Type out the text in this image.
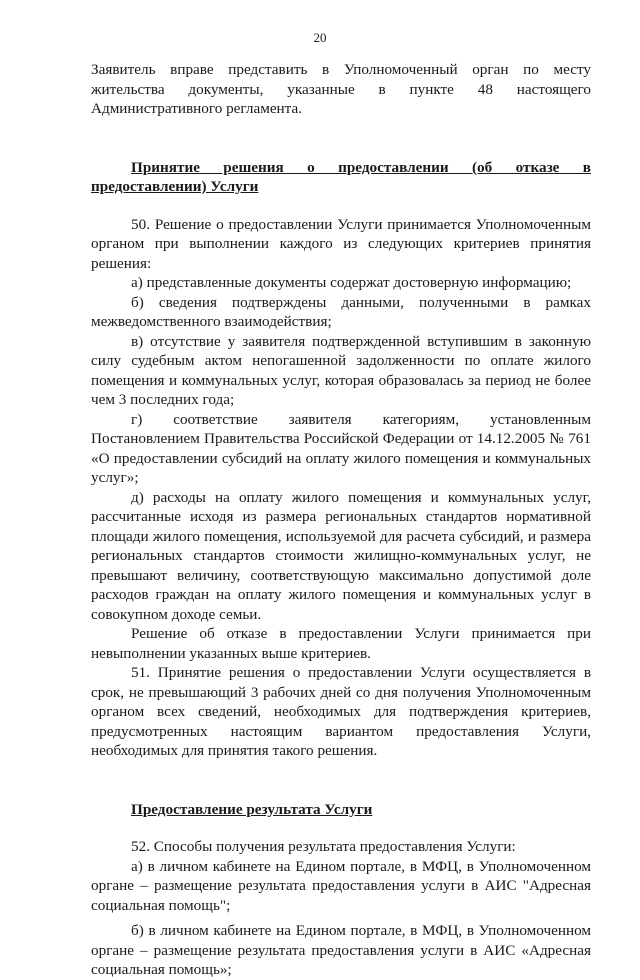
20

Заявитель вправе представить в Уполномоченный орган по месту жительства документы, указанные в пункте 48 настоящего Административного регламента.

Принятие решения о предоставлении (об отказе в предоставлении) Услуги

50. Решение о предоставлении Услуги принимается Уполномоченным органом при выполнении каждого из следующих критериев принятия решения:

а) представленные документы содержат достоверную информацию;

б) сведения подтверждены данными, полученными в рамках межведомственного взаимодействия;

в) отсутствие у заявителя подтвержденной вступившим в законную силу судебным актом непогашенной задолженности по оплате жилого помещения и коммунальных услуг, которая образовалась за период не более чем 3 последних года;

г) соответствие заявителя категориям, установленным Постановлением Правительства Российской Федерации от 14.12.2005 № 761 «О предоставлении субсидий на оплату жилого помещения и коммунальных услуг»;

д) расходы на оплату жилого помещения и коммунальных услуг, рассчитанные исходя из размера региональных стандартов нормативной площади жилого помещения, используемой для расчета субсидий, и размера региональных стандартов стоимости жилищно-коммунальных услуг, не превышают величину, соответствующую максимально допустимой доле расходов граждан на оплату жилого помещения и коммунальных услуг в совокупном доходе семьи.

Решение об отказе в предоставлении Услуги принимается при невыполнении указанных выше критериев.

51. Принятие решения о предоставлении Услуги осуществляется в срок, не превышающий 3 рабочих дней со дня получения Уполномоченным органом всех сведений, необходимых для подтверждения критериев, предусмотренных настоящим вариантом предоставления Услуги, необходимых для принятия такого решения.

Предоставление результата Услуги

52. Способы получения результата предоставления Услуги:

а) в личном кабинете на Едином портале, в МФЦ, в Уполномоченном органе – размещение результата предоставления услуги в АИС "Адресная социальная помощь";

б) в личном кабинете на Едином портале, в МФЦ, в Уполномоченном органе – размещение результата предоставления услуги в АИС «Адресная социальная помощь»;
